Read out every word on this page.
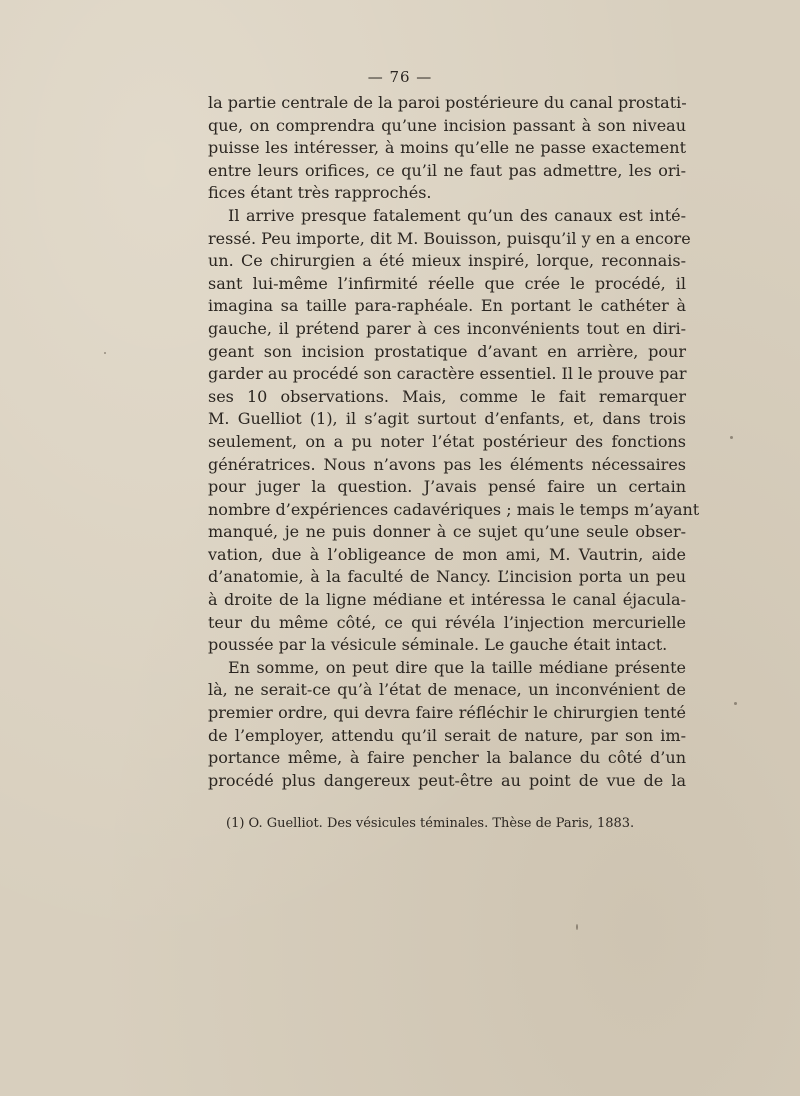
— 76 —
la partie centrale de la paroi postérieure du canal prostati-
que, on comprendra qu’une incision passant à son niveau
puisse les intéresser, à moins qu’elle ne passe exactement
entre leurs orifices, ce qu’il ne faut pas admettre, les ori-
fices étant très rapprochés.
Il arrive presque fatalement qu’un des canaux est inté-
ressé. Peu importe, dit M. Bouisson, puisqu’il y en a encore
un. Ce chirurgien a été mieux inspiré, lorque, reconnais-
sant lui-même l’infirmité réelle que crée le procédé, il
imagina sa taille para-raphéale. En portant le cathéter à
gauche, il prétend parer à ces inconvénients tout en diri-
geant son incision prostatique d’avant en arrière, pour
garder au procédé son caractère essentiel. Il le prouve par
ses 10 observations. Mais, comme le fait remarquer
M. Guelliot (1), il s’agit surtout d’enfants, et, dans trois
seulement, on a pu noter l’état postérieur des fonctions
génératrices. Nous n’avons pas les éléments nécessaires
pour juger la question. J’avais pensé faire un certain
nombre d’expériences cadavériques ; mais le temps m’ayant
manqué, je ne puis donner à ce sujet qu’une seule obser-
vation, due à l’obligeance de mon ami, M. Vautrin, aide
d’anatomie, à la faculté de Nancy. L’incision porta un peu
à droite de la ligne médiane et intéressa le canal éjacula-
teur du même côté, ce qui révéla l’injection mercurielle
poussée par la vésicule séminale. Le gauche était intact.
En somme, on peut dire que la taille médiane présente
là, ne serait-ce qu’à l’état de menace, un inconvénient de
premier ordre, qui devra faire réfléchir le chirurgien tenté
de l’employer, attendu qu’il serait de nature, par son im-
portance même, à faire pencher la balance du côté d’un
procédé plus dangereux peut-être au point de vue de la
(1) O. Guelliot. Des vésicules téminales. Thèse de Paris, 1883.
